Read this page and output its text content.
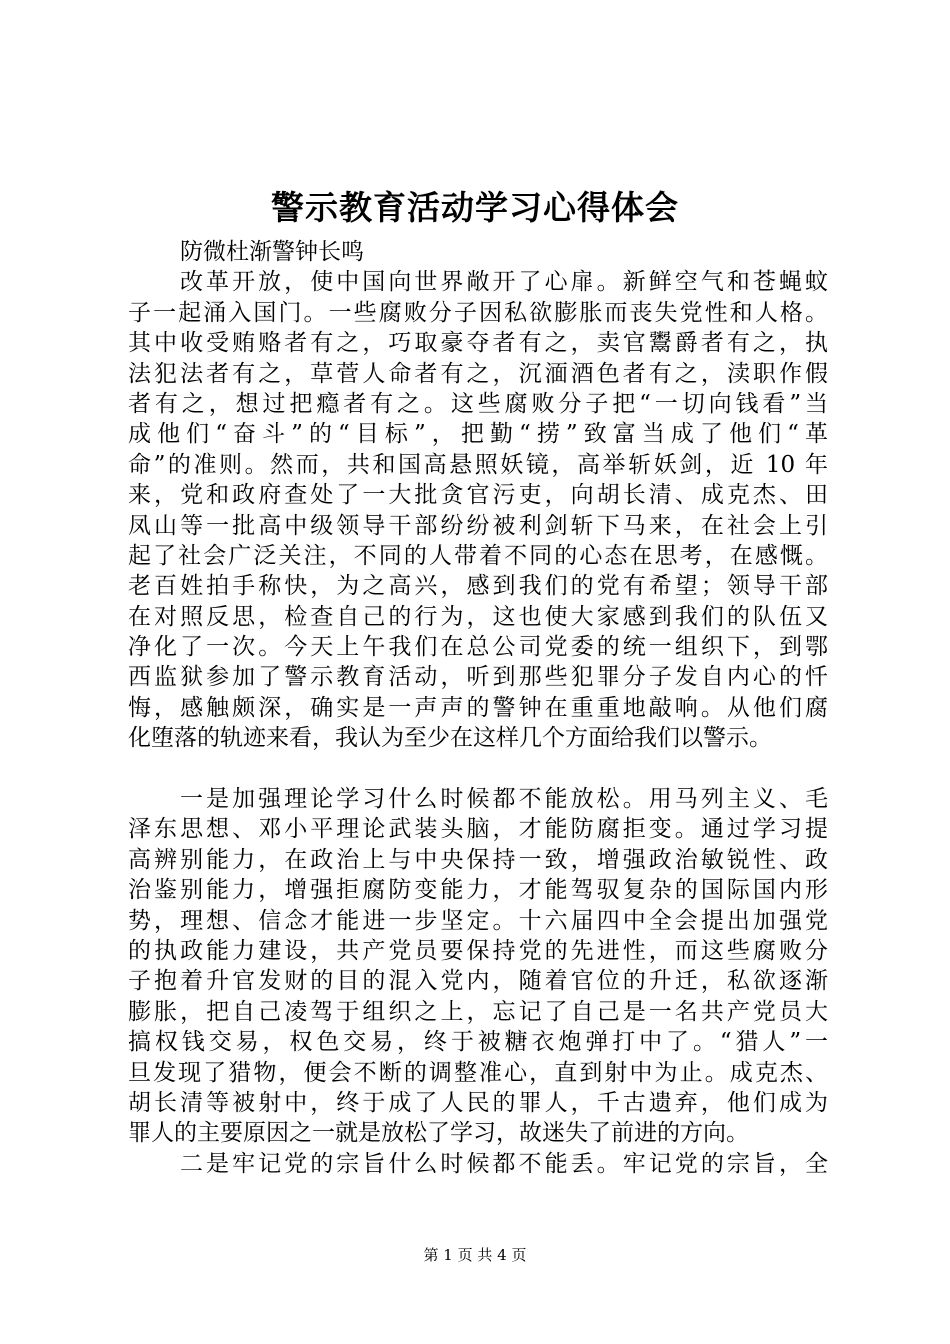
警示教育活动学习心得体会
防微杜渐警钟长鸣
改革开放，使中国向世界敞开了心扉。新鲜空气和苍蝇蚊
子一起涌入国门。一些腐败分子因私欲膨胀而丧失党性和人格。
其中收受贿赂者有之，巧取豪夺者有之，卖官鬻爵者有之，执
法犯法者有之，草菅人命者有之，沉湎酒色者有之，渎职作假
者有之，想过把瘾者有之。这些腐败分子把“一切向钱看”当
成他们“奋斗”的“目标”，把勤“捞”致富当成了他们“革
命”的准则。然而，共和国高悬照妖镜，高举斩妖剑，近 10 年
来，党和政府查处了一大批贪官污吏，向胡长清、成克杰、田
凤山等一批高中级领导干部纷纷被利剑斩下马来，在社会上引
起了社会广泛关注，不同的人带着不同的心态在思考，在感慨。
老百姓拍手称快，为之高兴，感到我们的党有希望；领导干部
在对照反思，检查自己的行为，这也使大家感到我们的队伍又
净化了一次。今天上午我们在总公司党委的统一组织下，到鄂
西监狱参加了警示教育活动，听到那些犯罪分子发自内心的忏
悔，感触颇深，确实是一声声的警钟在重重地敲响。从他们腐
化堕落的轨迹来看，我认为至少在这样几个方面给我们以警示。
一是加强理论学习什么时候都不能放松。用马列主义、毛
泽东思想、邓小平理论武装头脑，才能防腐拒变。通过学习提
高辨别能力，在政治上与中央保持一致，增强政治敏锐性、政
治鉴别能力，增强拒腐防变能力，才能驾驭复杂的国际国内形
势，理想、信念才能进一步坚定。十六届四中全会提出加强党
的执政能力建设，共产党员要保持党的先进性，而这些腐败分
子抱着升官发财的目的混入党内，随着官位的升迁，私欲逐渐
膨胀，把自己凌驾于组织之上，忘记了自己是一名共产党员大
搞权钱交易，权色交易，终于被糖衣炮弹打中了。“猎人”一
旦发现了猎物，便会不断的调整准心，直到射中为止。成克杰、
胡长清等被射中，终于成了人民的罪人，千古遗弃，他们成为
罪人的主要原因之一就是放松了学习，故迷失了前进的方向。
二是牢记党的宗旨什么时候都不能丢。牢记党的宗旨，全
第 1 页 共 4 页
